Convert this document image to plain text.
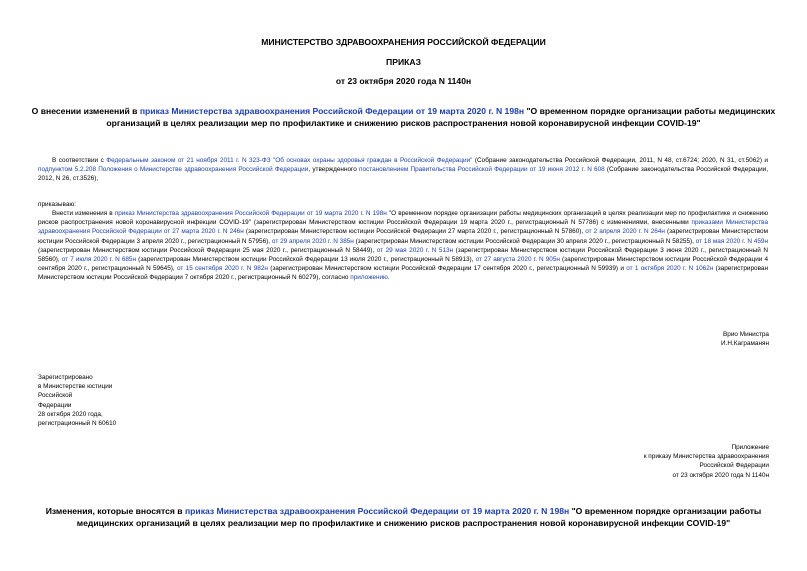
МИНИСТЕРСТВО ЗДРАВООХРАНЕНИЯ РОССИЙСКОЙ ФЕДЕРАЦИИ
ПРИКАЗ
от 23 октября 2020 года N 1140н
О внесении изменений в приказ Министерства здравоохранения Российской Федерации от 19 марта 2020 г. N 198н "О временном порядке организации работы медицинских организаций в целях реализации мер по профилактике и снижению рисков распространения новой коронавирусной инфекции COVID-19"
В соответствии с Федеральным законом от 21 ноября 2011 г. N 323-ФЗ "Об основах охраны здоровья граждан в Российской Федерации" (Собрание законодательства Российской Федерации, 2011, N 48, ст.6724; 2020, N 31, ст.5062) и подпунктом 5.2.208 Положения о Министерстве здравоохранения Российской Федерации, утвержденного постановлением Правительства Российской Федерации от 19 июня 2012 г. N 608 (Собрание законодательства Российской Федерации, 2012, N 26, ст.3526),
приказываю:
Внести изменения в приказ Министерства здравоохранения Российской Федерации от 19 марта 2020 г. N 198н "О временном порядке организации работы медицинских организаций в целях реализации мер по профилактике и снижению рисков распространения новой коронавирусной инфекции COVID-19" (зарегистрирован Министерством юстиции Российской Федерации 19 марта 2020 г., регистрационный N 57786) с изменениями, внесенными приказами Министерства здравоохранения Российской Федерации от 27 марта 2020 г. N 246н (зарегистрирован Министерством юстиции Российской Федерации 27 марта 2020 г., регистрационный N 57860), от 2 апреля 2020 г. N 264н (зарегистрирован Министерством юстиции Российской Федерации 3 апреля 2020 г., регистрационный N 57956), от 29 апреля 2020 г. N 385н (зарегистрирован Министерством юстиции Российской Федерации 30 апреля 2020 г., регистрационный N 58255), от 18 мая 2020 г. N 459н (зарегистрирован Министерством юстиции Российской Федерации 25 мая 2020 г., регистрационный N 58449), от 29 мая 2020 г. N 513н (зарегистрирован Министерством юстиции Российской Федерации 3 июня 2020 г., регистрационный N 58560), от 7 июля 2020 г. N 685н (зарегистрирован Министерством юстиции Российской Федерации 13 июля 2020 г., регистрационный N 58913), от 27 августа 2020 г. N 905н (зарегистрирован Министерством юстиции Российской Федерации 4 сентября 2020 г., регистрационный N 59645), от 15 сентября 2020 г. N 982н (зарегистрирован Министерством юстиции Российской Федерации 17 сентября 2020 г., регистрационный N 59939) и от 1 октября 2020 г. N 1062н (зарегистрирован Министерством юстиции Российской Федерации 7 октября 2020 г., регистрационный N 60279), согласно приложению.
Врио Министра
И.Н.Каграманян
Зарегистрировано
в Министерстве юстиции
Российской
Федерации
28 октября 2020 года,
регистрационный N 60610
Приложение
к приказу Министерства здравоохранения
Российской Федерации
от 23 октября 2020 года N 1140н
Изменения, которые вносятся в приказ Министерства здравоохранения Российской Федерации от 19 марта 2020 г. N 198н "О временном порядке организации работы медицинских организаций в целях реализации мер по профилактике и снижению рисков распространения новой коронавирусной инфекции COVID-19"
